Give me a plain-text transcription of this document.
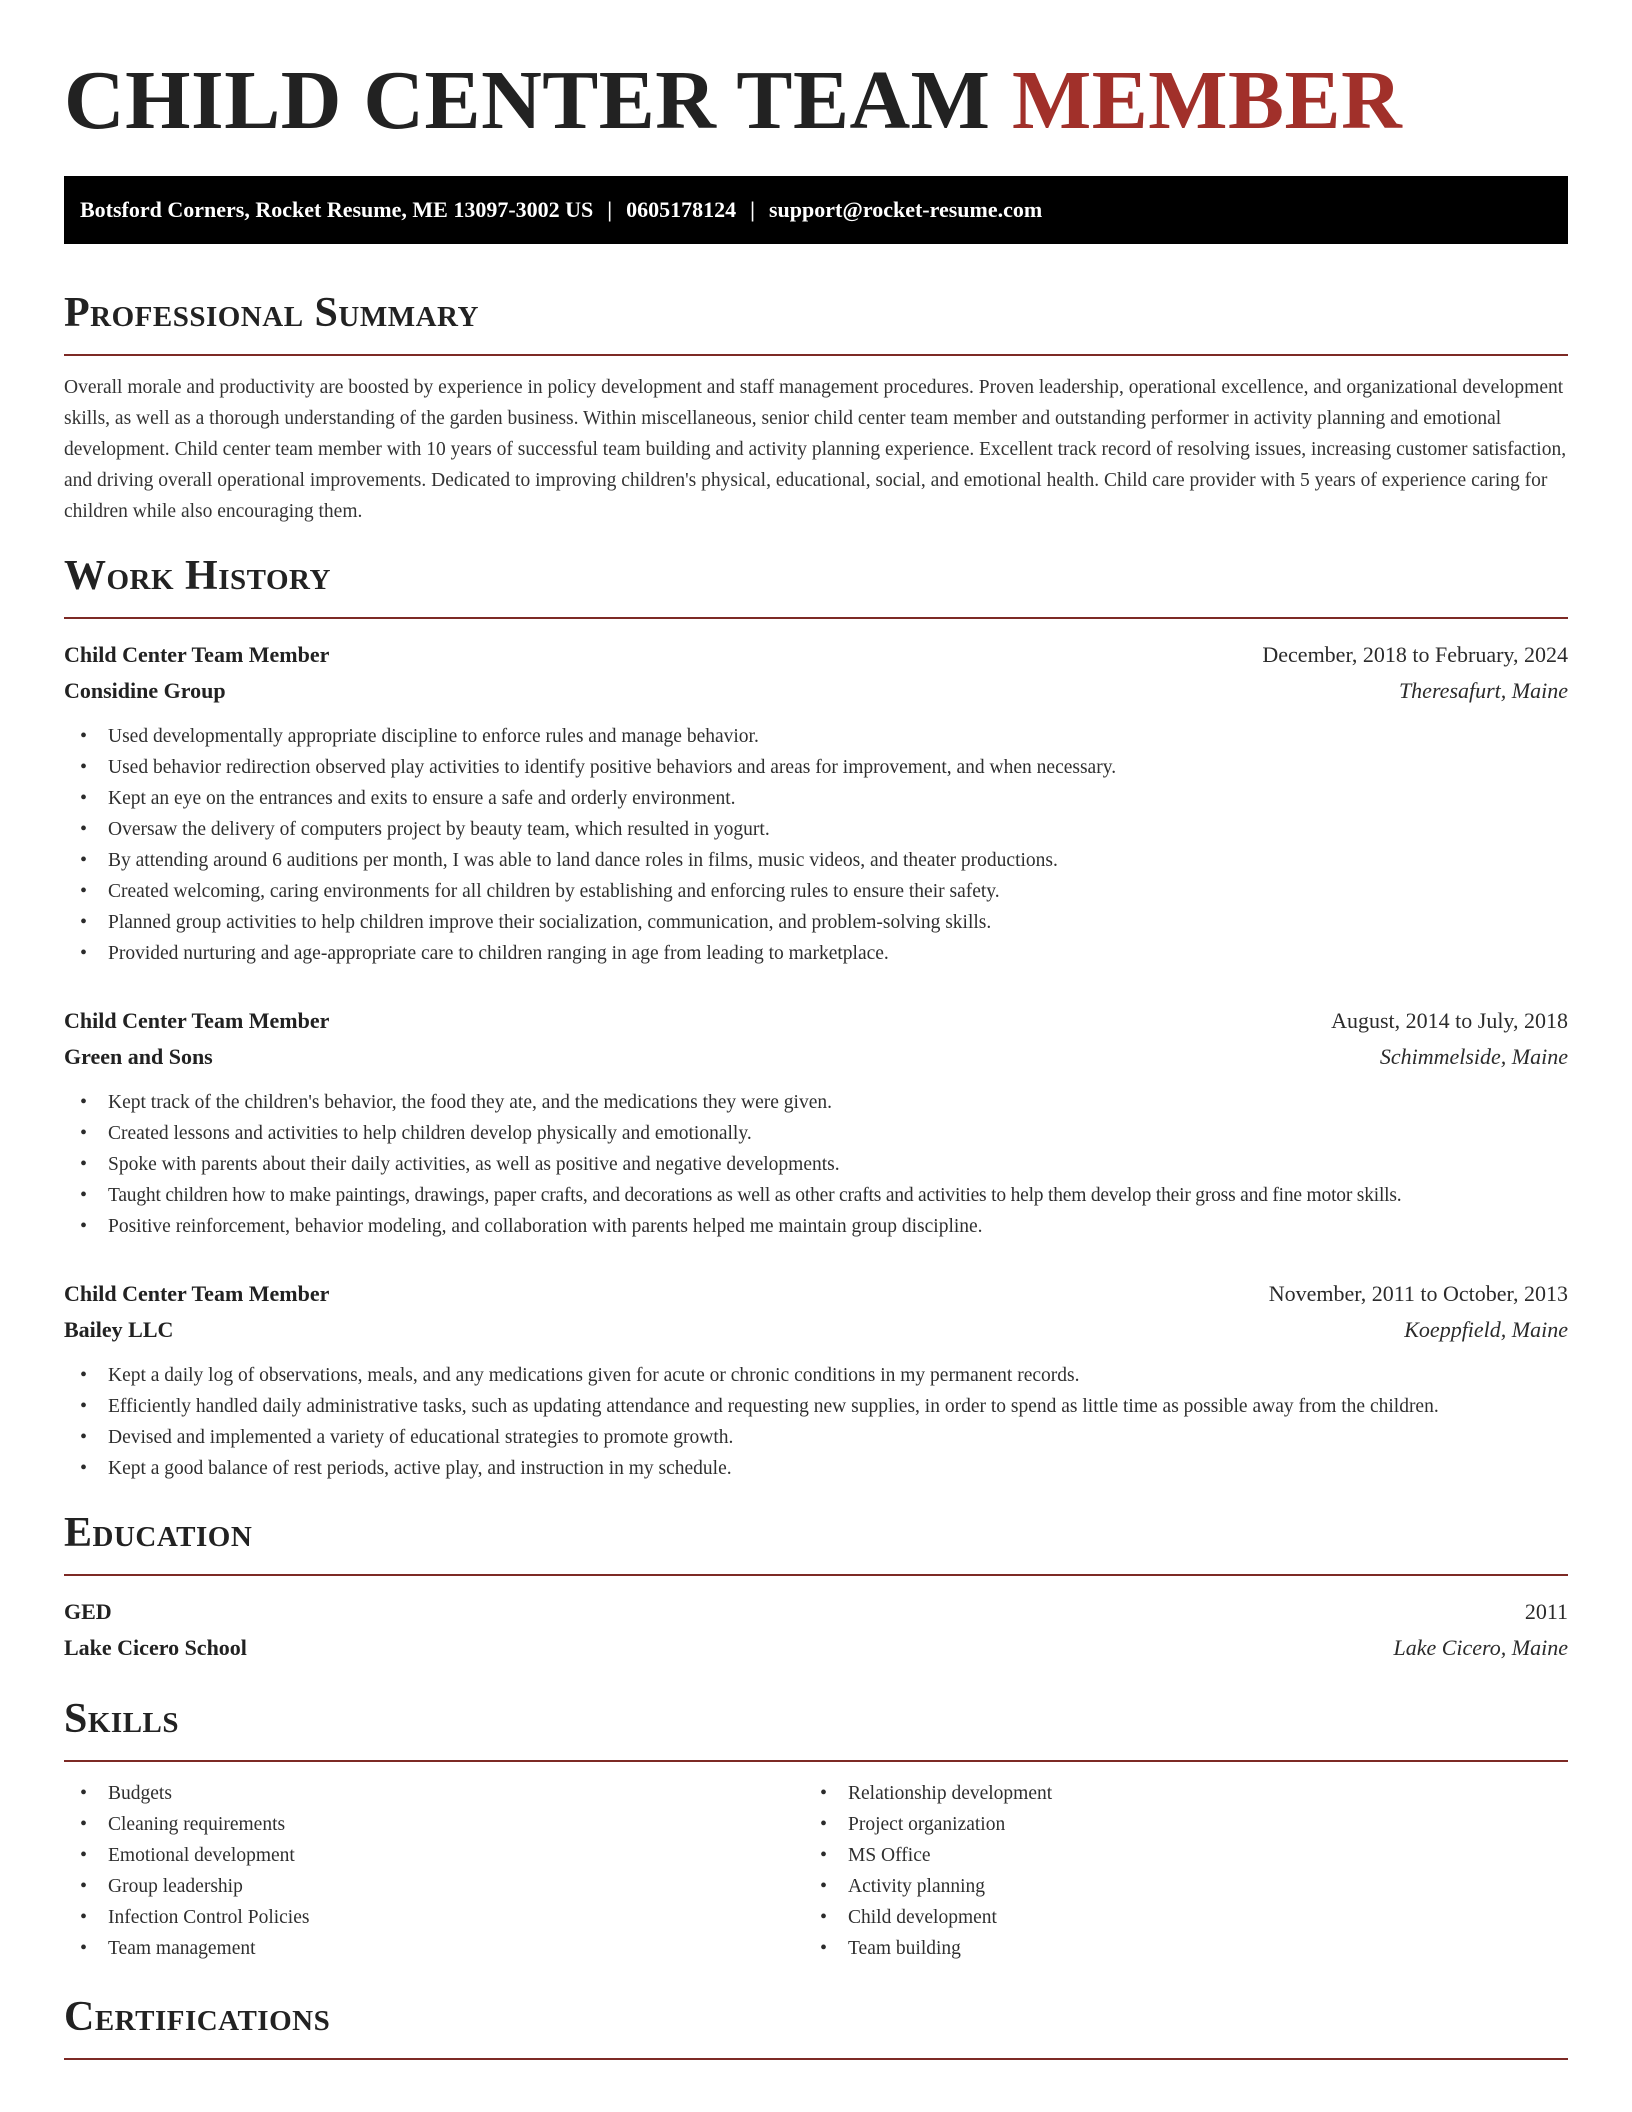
CHILD CENTER TEAM MEMBER
Botsford Corners, Rocket Resume, ME 13097-3002 US | 0605178124 | support@rocket-resume.com
Professional Summary

Overall morale and productivity are boosted by experience in policy development and staff management procedures. Proven leadership, operational excellence, and organizational development skills, as well as a thorough understanding of the garden business. Within miscellaneous, senior child center team member and outstanding performer in activity planning and emotional development. Child center team member with 10 years of successful team building and activity planning experience. Excellent track record of resolving issues, increasing customer satisfaction, and driving overall operational improvements. Dedicated to improving children's physical, educational, social, and emotional health. Child care provider with 5 years of experience caring for children while also encouraging them.

Work History
Child Center Team Member	December, 2018 to February, 2024
Considine Group	Theresafurt, Maine
• Used developmentally appropriate discipline to enforce rules and manage behavior.
• Used behavior redirection observed play activities to identify positive behaviors and areas for improvement, and when necessary.
• Kept an eye on the entrances and exits to ensure a safe and orderly environment.
• Oversaw the delivery of computers project by beauty team, which resulted in yogurt.
• By attending around 6 auditions per month, I was able to land dance roles in films, music videos, and theater productions.
• Created welcoming, caring environments for all children by establishing and enforcing rules to ensure their safety.
• Planned group activities to help children improve their socialization, communication, and problem-solving skills.
• Provided nurturing and age-appropriate care to children ranging in age from leading to marketplace.
Child Center Team Member	August, 2014 to July, 2018
Green and Sons	Schimmelside, Maine
• Kept track of the children's behavior, the food they ate, and the medications they were given.
• Created lessons and activities to help children develop physically and emotionally.
• Spoke with parents about their daily activities, as well as positive and negative developments.
• Taught children how to make paintings, drawings, paper crafts, and decorations as well as other crafts and activities to help them develop their gross and fine motor skills.
• Positive reinforcement, behavior modeling, and collaboration with parents helped me maintain group discipline.
Child Center Team Member	November, 2011 to October, 2013
Bailey LLC	Koeppfield, Maine
• Kept a daily log of observations, meals, and any medications given for acute or chronic conditions in my permanent records.
• Efficiently handled daily administrative tasks, such as updating attendance and requesting new supplies, in order to spend as little time as possible away from the children.
• Devised and implemented a variety of educational strategies to promote growth.
• Kept a good balance of rest periods, active play, and instruction in my schedule.
Education
GED	2011
Lake Cicero School	Lake Cicero, Maine
Skills
• Budgets
• Cleaning requirements
• Emotional development
• Group leadership
• Infection Control Policies
• Team management
• Relationship development
• Project organization
• MS Office
• Activity planning
• Child development
• Team building
Certifications
